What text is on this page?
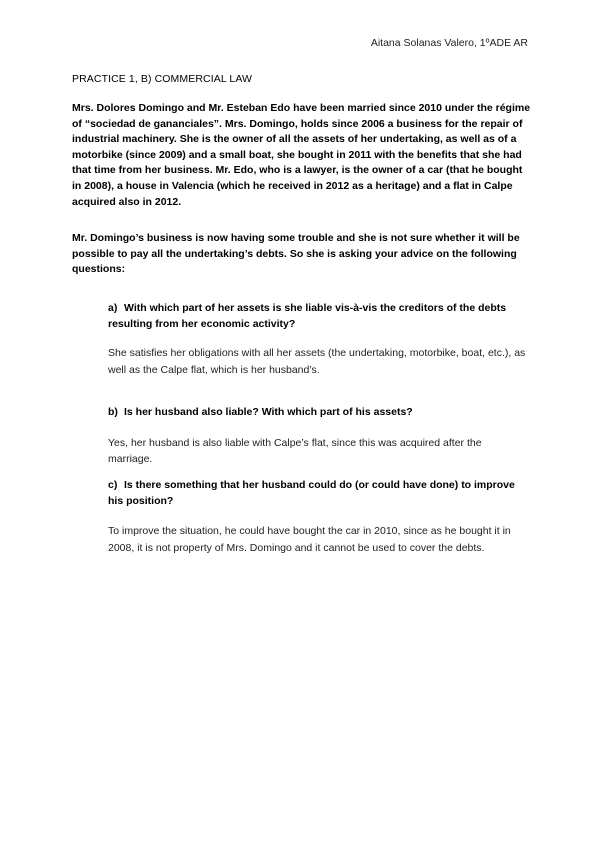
Aitana Solanas Valero, 1ºADE AR
PRACTICE 1, B) COMMERCIAL LAW
Mrs. Dolores Domingo and Mr. Esteban Edo have been married since 2010 under the régime of “sociedad de gananciales”. Mrs. Domingo, holds since 2006 a business for the repair of industrial machinery. She is the owner of all the assets of her undertaking, as well as of a motorbike (since 2009) and a small boat, she bought in 2011 with the benefits that she had that time from her business. Mr. Edo, who is a lawyer, is the owner of a car (that he bought in 2008), a house in Valencia (which he received in 2012 as a heritage) and a flat in Calpe acquired also in 2012.
Mr. Domingo’s business is now having some trouble and she is not sure whether it will be possible to pay all the undertaking’s debts. So she is asking your advice on the following questions:
a) With which part of her assets is she liable vis-à-vis the creditors of the debts resulting from her economic activity?
She satisfies her obligations with all her assets (the undertaking, motorbike, boat, etc.), as well as the Calpe flat, which is her husband’s.
b) Is her husband also liable? With which part of his assets?
Yes, her husband is also liable with Calpe’s flat, since this was acquired after the marriage.
c) Is there something that her husband could do (or could have done) to improve his position?
To improve the situation, he could have bought the car in 2010, since as he bought it in 2008, it is not property of Mrs. Domingo and it cannot be used to cover the debts.
